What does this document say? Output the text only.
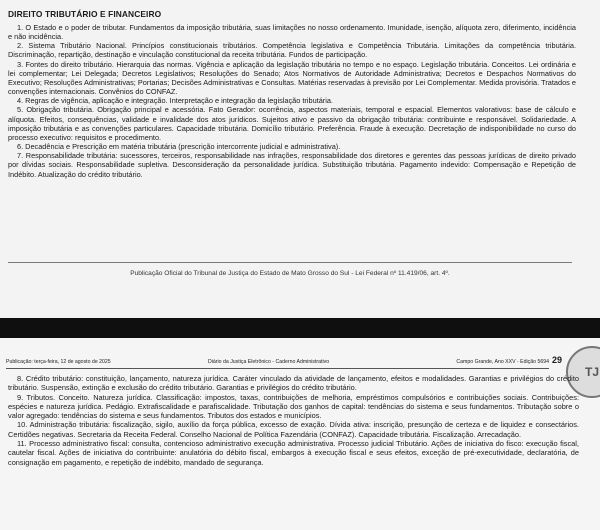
DIREITO TRIBUTÁRIO E FINANCEIRO

1. O Estado e o poder de tributar. Fundamentos da imposição tributária, suas limitações no nosso ordenamento. Imunidade, isenção, alíquota zero, diferimento, incidência e não incidência.

2. Sistema Tributário Nacional. Princípios constitucionais tributários. Competência legislativa e Competência Tributária. Limitações da competência tributária. Discriminação, repartição, destinação e vinculação constitucional da receita tributária. Fundos de participação.

3. Fontes do direito tributário. Hierarquia das normas. Vigência e aplicação da legislação tributária no tempo e no espaço. Legislação tributária. Conceitos. Lei ordinária e lei complementar; Lei Delegada; Decretos Legislativos; Resoluções do Senado; Atos Normativos de Autoridade Administrativa; Decretos e Despachos Normativos do Executivo; Resoluções Administrativas; Portarias; Decisões Administrativas e Consultas. Matérias reservadas à previsão por Lei Complementar. Medida provisória. Tratados e convenções internacionais. Convênios do CONFAZ.

4. Regras de vigência, aplicação e integração. Interpretação e integração da legislação tributária.

5. Obrigação tributária. Obrigação principal e acessória. Fato Gerador: ocorrência, aspectos materiais, temporal e espacial. Elementos valorativos: base de cálculo e alíquota. Efeitos, consequências, validade e invalidade dos atos jurídicos. Sujeitos ativo e passivo da obrigação tributária: contribuinte e responsável. Solidariedade. A imposição tributária e as convenções particulares. Capacidade tributária. Domicílio tributário. Preferência. Fraude à execução. Decretação de indisponibilidade no curso do processo executivo: requisitos e procedimento.

6. Decadência e Prescrição em matéria tributária (prescrição intercorrente judicial e administrativa).

7. Responsabilidade tributária: sucessores, terceiros, responsabilidade nas infrações, responsabilidade dos diretores e gerentes das pessoas jurídicas de direito privado por dívidas sociais. Responsabilidade supletiva. Desconsideração da personalidade jurídica. Substituição tributária. Pagamento indevido: Compensação e Repetição de Indébito. Atualização do crédito tributário.

Publicação Oficial do Tribunal de Justiça do Estado de Mato Grosso do Sul - Lei Federal nº 11.419/06, art. 4º.
Publicação: terça-feira, 12 de agosto de 2025	Diário da Justiça Eletrônico - Caderno Administrativo	Campo Grande, Ano XXV - Edição 5694 29
TJ

8. Crédito tributário: constituição, lançamento, natureza jurídica. Caráter vinculado da atividade de lançamento, efeitos e modalidades. Garantias e privilégios do crédito tributário. Suspensão, extinção e exclusão do crédito tributário. Garantias e privilégios do crédito tributário.

9. Tributos. Conceito. Natureza jurídica. Classificação: impostos, taxas, contribuições de melhoria, empréstimos compulsórios e contribuições sociais. Contribuições: espécies e natureza jurídica. Pedágio. Extrafiscalidade e parafiscalidade. Tributação dos ganhos de capital: tendências do sistema e seus fundamentos. Tributação sobre o valor agregado: tendências do sistema e seus fundamentos. Tributos dos estados e municípios.

10. Administração tributária: fiscalização, sigilo, auxílio da força pública, excesso de exação. Dívida ativa: inscrição, presunção de certeza e de liquidez e consectários. Certidões negativas. Secretaria da Receita Federal. Conselho Nacional de Política Fazendária (CONFAZ). Capacidade tributária. Fiscalização. Arrecadação.

11. Processo administrativo fiscal: consulta, contencioso administrativo execução administrativa. Processo judicial Tributário. Ações de iniciativa do fisco: execução fiscal, cautelar fiscal. Ações de iniciativa do contribuinte: anulatória do débito fiscal, embargos à execução fiscal e seus efeitos, exceção de pré-executividade, declaratória, de consignação em pagamento, e repetição de indébito, mandado de segurança.
